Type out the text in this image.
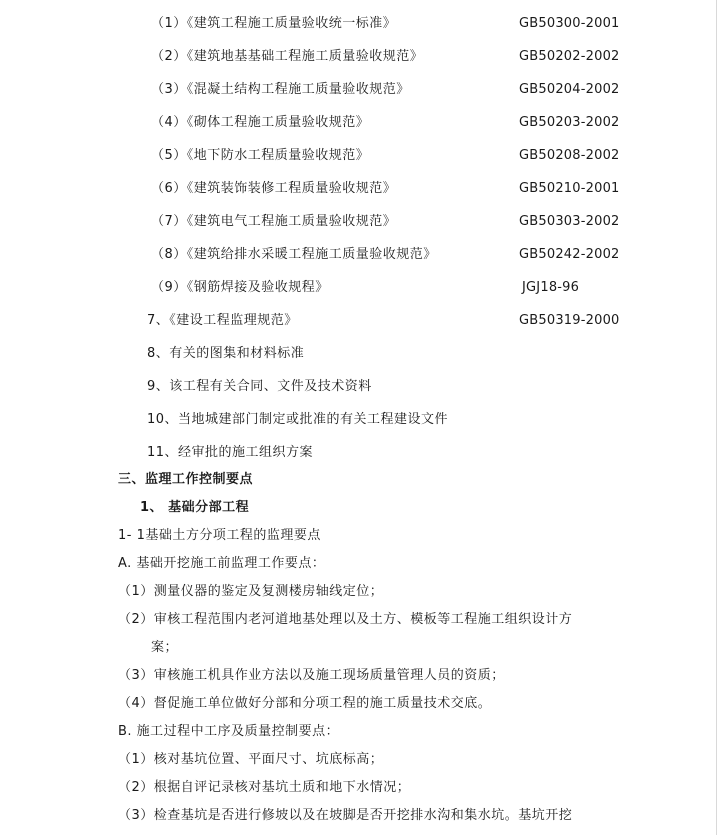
（1）《建筑工程施工质量验收统一标准》	GB50300-2001
（2）《建筑地基基础工程施工质量验收规范》	GB50202-2002
（3）《混凝土结构工程施工质量验收规范》	GB50204-2002
（4）《砌体工程施工质量验收规范》	GB50203-2002
（5）《地下防水工程质量验收规范》	GB50208-2002
（6）《建筑装饰装修工程质量验收规范》	GB50210-2001
（7）《建筑电气工程施工质量验收规范》	GB50303-2002
（8）《建筑给排水采暖工程施工质量验收规范》	GB50242-2002
（9）《钢筋焊接及验收规程》	JGJ18-96
7、《建设工程监理规范》	GB50319-2000
8、有关的图集和材料标准
9、该工程有关合同、文件及技术资料
10、当地城建部门制定或批准的有关工程建设文件
11、经审批的施工组织方案
三、监理工作控制要点
1、 基础分部工程
1- 1基础土方分项工程的监理要点
A. 基础开挖施工前监理工作要点：
（1）测量仪器的鉴定及复测楼房轴线定位；
（2）审核工程范围内老河道地基处理以及土方、模板等工程施工组织设计方
案；
（3）审核施工机具作业方法以及施工现场质量管理人员的资质；
（4）督促施工单位做好分部和分项工程的施工质量技术交底。
B. 施工过程中工序及质量控制要点：
（1）核对基坑位置、平面尺寸、坑底标高；
（2）根据自评记录核对基坑土质和地下水情况；
（3）检查基坑是否进行修坡以及在坡脚是否开挖排水沟和集水坑。基坑开挖
